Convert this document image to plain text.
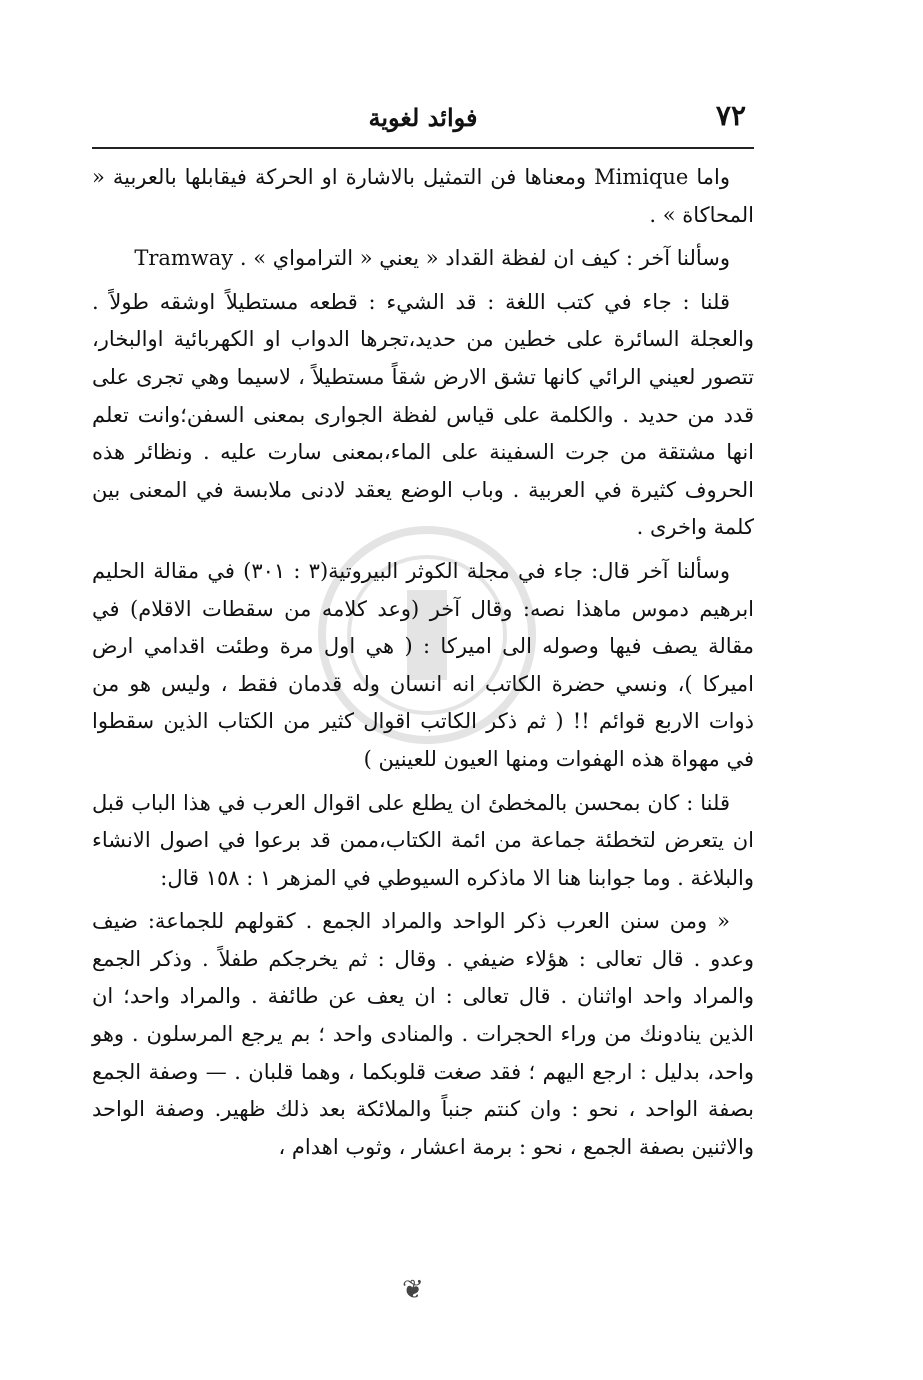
٧٢
فوائد لغوية

واما Mimique ومعناها فن التمثيل بالاشارة او الحركة فيقابلها بالعربية « المحاكاة » .

وسألنا آخر : كيف ان لفظة القداد « يعني « الترامواي » . Tramway

قلنا : جاء في كتب اللغة : قد الشيء : قطعه مستطيلاً اوشقه طولاً . والعجلة السائرة على خطين من حديد،تجرها الدواب او الكهربائية اوالبخار، تتصور لعيني الرائي كانها تشق الارض شقاً مستطيلاً ، لاسيما وهي تجرى على قدد من حديد . والكلمة على قياس لفظة الجوارى بمعنى السفن؛وانت تعلم انها مشتقة من جرت السفينة على الماء،بمعنى سارت عليه . ونظائر هذه الحروف كثيرة في العربية . وباب الوضع يعقد لادنى ملابسة في المعنى بين كلمة واخرى .

وسألنا آخر قال: جاء في مجلة الكوثر البيروتية(٣ : ٣٠١) في مقالة الحليم ابرهيم دموس ماهذا نصه: وقال آخر (وعد كلامه من سقطات الاقلام) في مقالة يصف فيها وصوله الى اميركا : ( هي اول مرة وطئت اقدامي ارض اميركا )، ونسي حضرة الكاتب انه انسان وله قدمان فقط ، وليس هو من ذوات الاربع قوائم !! ( ثم ذكر الكاتب اقوال كثير من الكتاب الذين سقطوا في مهواة هذه الهفوات ومنها العيون للعينين )

قلنا : كان بمحسن بالمخطئ ان يطلع على اقوال العرب في هذا الباب قبل ان يتعرض لتخطئة جماعة من ائمة الكتاب،ممن قد برعوا في اصول الانشاء والبلاغة . وما جوابنا هنا الا ماذكره السيوطي في المزهر ١ : ١٥٨ قال:

« ومن سنن العرب ذكر الواحد والمراد الجمع . كقولهم للجماعة: ضيف وعدو . قال تعالى : هؤلاء ضيفي . وقال : ثم يخرجكم طفلاً . وذكر الجمع والمراد واحد اواثنان . قال تعالى : ان يعف عن طائفة . والمراد واحد؛ ان الذين ينادونك من وراء الحجرات . والمنادى واحد ؛ بم يرجع المرسلون . وهو واحد، بدليل : ارجع اليهم ؛ فقد صغت قلوبكما ، وهما قلبان . — وصفة الجمع بصفة الواحد ، نحو : وان كنتم جنباً والملائكة بعد ذلك ظهير. وصفة الواحد والاثنين بصفة الجمع ، نحو : برمة اعشار ، وثوب اهدام ،

❦
